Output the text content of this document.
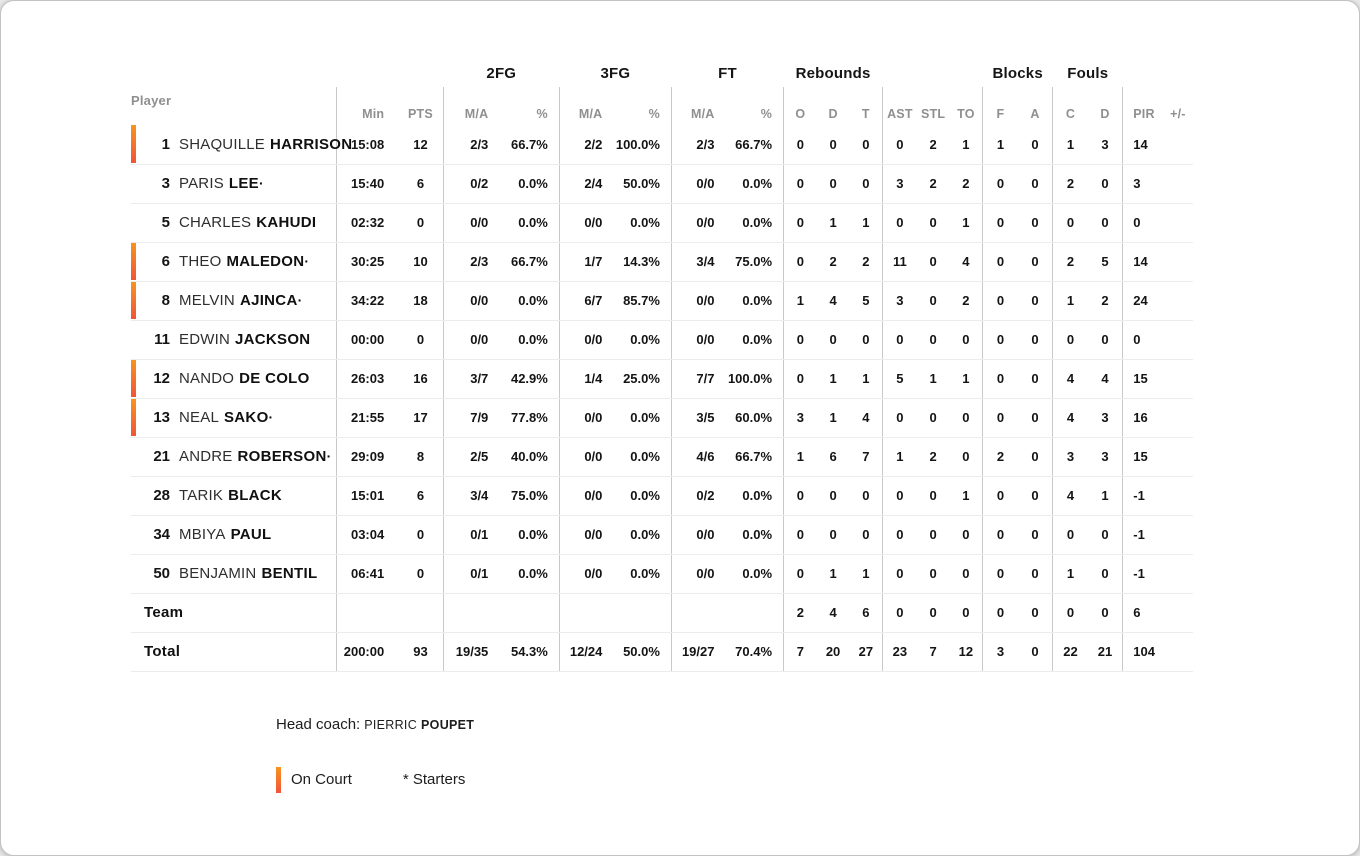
			2FG		3FG		FT		Rebounds						Blocks		Fouls			
Player	Min	PTS	M/A	%	M/A	%	M/A	%	O	D	T	AST	STL	TO	F	A	C	D	PIR	+/-

1 SHAQUILLE HARRISON	15:08	12	2/3	66.7%	2/2	100.0%	2/3	66.7%	0	0	0	0	2	1	1	0	1	3	14	
3 PARIS LEE·	15:40	6	0/2	0.0%	2/4	50.0%	0/0	0.0%	0	0	0	3	2	2	0	0	2	0	3	
5 CHARLES KAHUDI	02:32	0	0/0	0.0%	0/0	0.0%	0/0	0.0%	0	1	1	0	0	1	0	0	0	0	0	

6 THEO MALEDON·	30:25	10	2/3	66.7%	1/7	14.3%	3/4	75.0%	0	2	2	11	0	4	0	0	2	5	14	

8 MELVIN AJINCA·	34:22	18	0/0	0.0%	6/7	85.7%	0/0	0.0%	1	4	5	3	0	2	0	0	1	2	24	
11 EDWIN JACKSON	00:00	0	0/0	0.0%	0/0	0.0%	0/0	0.0%	0	0	0	0	0	0	0	0	0	0	0	

12 NANDO DE COLO	26:03	16	3/7	42.9%	1/4	25.0%	7/7	100.0%	0	1	1	5	1	1	0	0	4	4	15	

13 NEAL SAKO·	21:55	17	7/9	77.8%	0/0	0.0%	3/5	60.0%	3	1	4	0	0	0	0	0	4	3	16	
21 ANDRE ROBERSON·	29:09	8	2/5	40.0%	0/0	0.0%	4/6	66.7%	1	6	7	1	2	0	2	0	3	3	15	
28 TARIK BLACK	15:01	6	3/4	75.0%	0/0	0.0%	0/2	0.0%	0	0	0	0	0	1	0	0	4	1	-1	
34 MBIYA PAUL	03:04	0	0/1	0.0%	0/0	0.0%	0/0	0.0%	0	0	0	0	0	0	0	0	0	0	-1	
50 BENJAMIN BENTIL	06:41	0	0/1	0.0%	0/0	0.0%	0/0	0.0%	0	1	1	0	0	0	0	0	1	0	-1	
Team									2	4	6	0	0	0	0	0	0	0	6	
Total	200:00	93	19/35	54.3%	12/24	50.0%	19/27	70.4%	7	20	27	23	7	12	3	0	22	21	104	
Head coach: PIERRIC POUPET
On Court	* Starters
